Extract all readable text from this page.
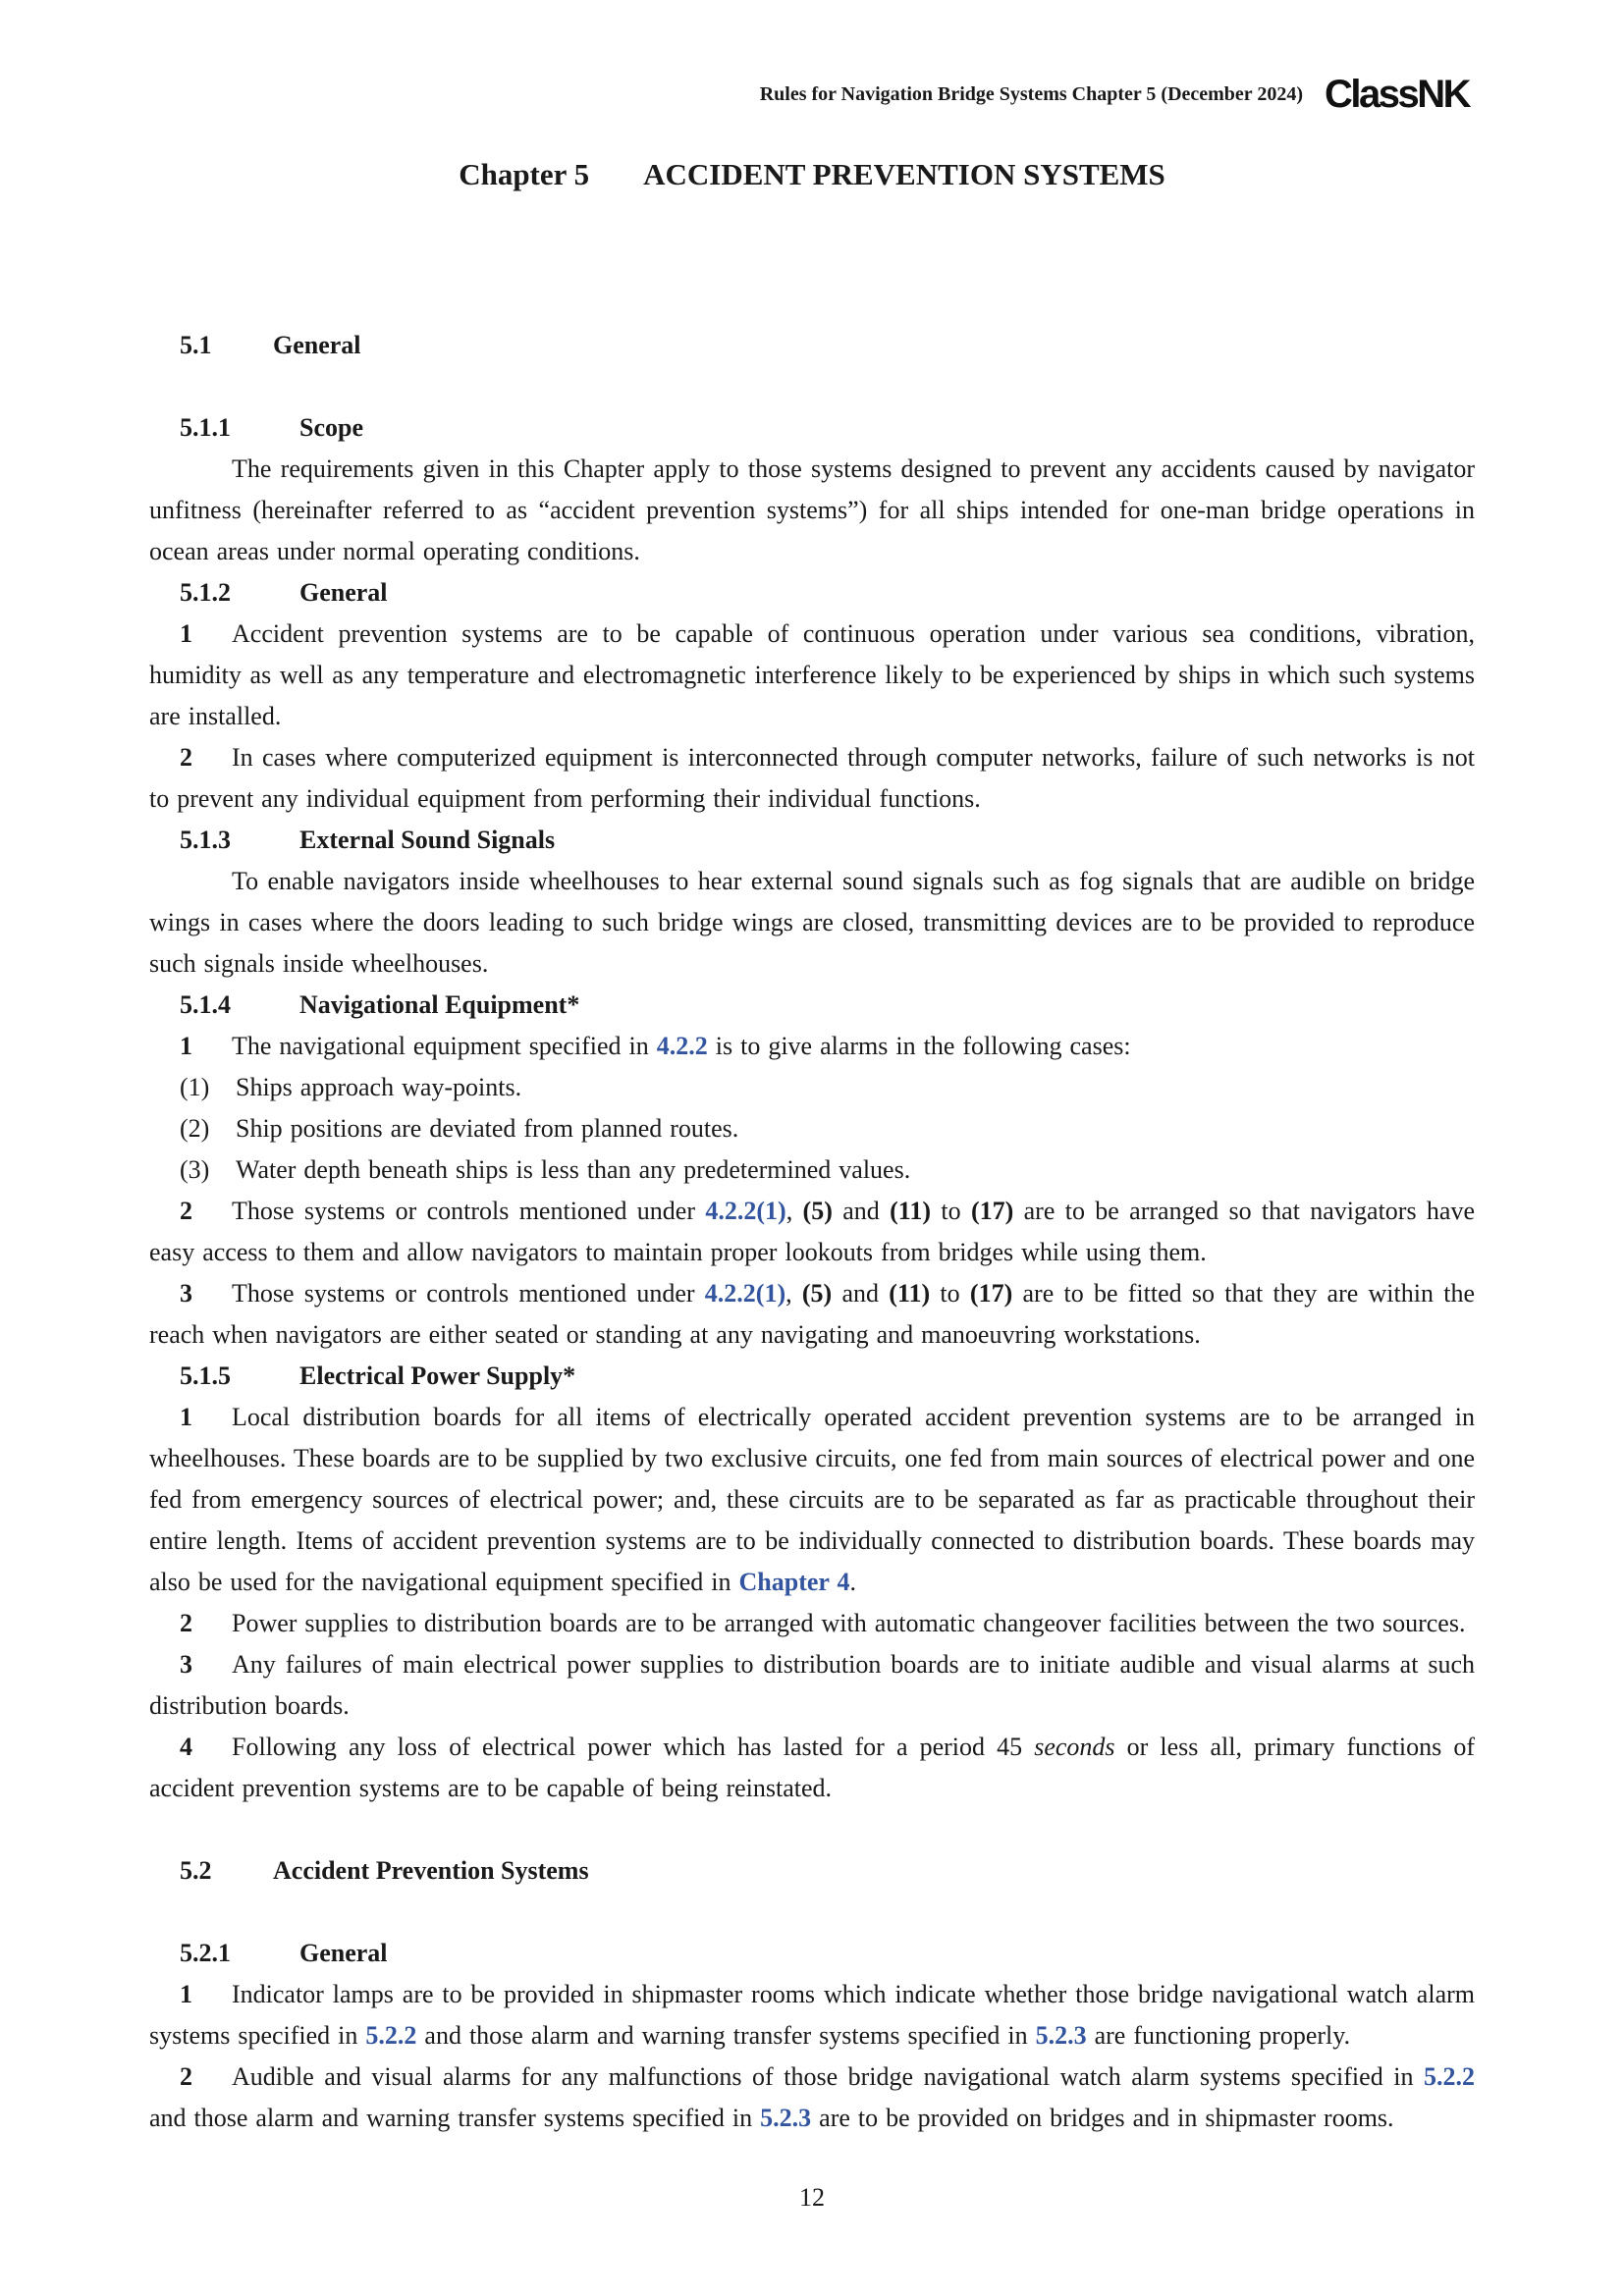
Rules for Navigation Bridge Systems Chapter 5 (December 2024) ClassNK
Chapter 5 ACCIDENT PREVENTION SYSTEMS
5.1 General
5.1.1	Scope

The requirements given in this Chapter apply to those systems designed to prevent any accidents caused by navigator unfitness (hereinafter referred to as “accident prevention systems”) for all ships intended for one-man bridge operations in ocean areas under normal operating conditions.

5.1.2	General

1 Accident prevention systems are to be capable of continuous operation under various sea conditions, vibration, humidity as well as any temperature and electromagnetic interference likely to be experienced by ships in which such systems are installed.

2 In cases where computerized equipment is interconnected through computer networks, failure of such networks is not to prevent any individual equipment from performing their individual functions.

5.1.3	External Sound Signals

To enable navigators inside wheelhouses to hear external sound signals such as fog signals that are audible on bridge wings in cases where the doors leading to such bridge wings are closed, transmitting devices are to be provided to reproduce such signals inside wheelhouses.

5.1.4	Navigational Equipment*

1 The navigational equipment specified in 4.2.2 is to give alarms in the following cases:

(1) Ships approach way-points.

(2) Ship positions are deviated from planned routes.

(3) Water depth beneath ships is less than any predetermined values.

2 Those systems or controls mentioned under 4.2.2(1), (5) and (11) to (17) are to be arranged so that navigators have easy access to them and allow navigators to maintain proper lookouts from bridges while using them.

3 Those systems or controls mentioned under 4.2.2(1), (5) and (11) to (17) are to be fitted so that they are within the reach when navigators are either seated or standing at any navigating and manoeuvring workstations.

5.1.5	Electrical Power Supply*

1 Local distribution boards for all items of electrically operated accident prevention systems are to be arranged in wheelhouses. These boards are to be supplied by two exclusive circuits, one fed from main sources of electrical power and one fed from emergency sources of electrical power; and, these circuits are to be separated as far as practicable throughout their entire length. Items of accident prevention systems are to be individually connected to distribution boards. These boards may also be used for the navigational equipment specified in Chapter 4.

2 Power supplies to distribution boards are to be arranged with automatic changeover facilities between the two sources.

3 Any failures of main electrical power supplies to distribution boards are to initiate audible and visual alarms at such distribution boards.

4 Following any loss of electrical power which has lasted for a period 45 seconds or less all, primary functions of accident prevention systems are to be capable of being reinstated.

5.2 Accident Prevention Systems
5.2.1	General

1 Indicator lamps are to be provided in shipmaster rooms which indicate whether those bridge navigational watch alarm systems specified in 5.2.2 and those alarm and warning transfer systems specified in 5.2.3 are functioning properly.

2 Audible and visual alarms for any malfunctions of those bridge navigational watch alarm systems specified in 5.2.2 and those alarm and warning transfer systems specified in 5.2.3 are to be provided on bridges and in shipmaster rooms.

12
